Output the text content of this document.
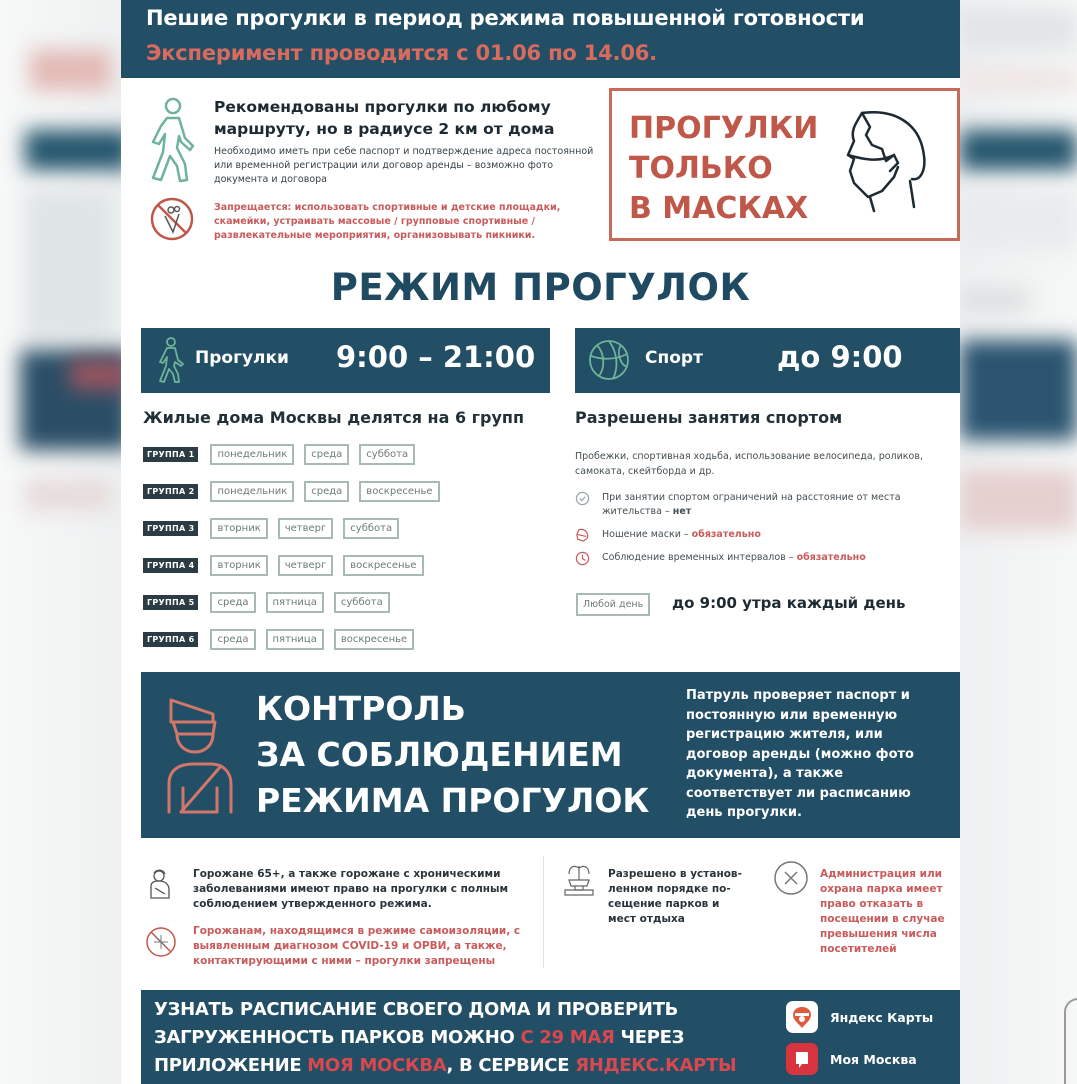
Пешие прогулки в период режима повышенной готовности
Эксперимент проводится с 01.06 по 14.06.
Рекомендованы прогулки по любому маршруту, но в радиусе 2 км от дома
Необходимо иметь при себе паспорт и подтверждение адреса постоянной или временной регистрации или договор аренды – возможно фото документа и договора
Запрещается: использовать спортивные и детские площадки, скамейки, устраивать массовые / групповые спортивные / развлекательные мероприятия, организовывать пикники.
ПРОГУЛКИ
ТОЛЬКО
В МАСКАХ
РЕЖИМ ПРОГУЛОК
Прогулки 9:00 – 21:00	Спорт	до 9:00
Жилые дома Москвы делятся на 6 групп
ГРУППА 1	понедельник	среда	суббота
ГРУППА 2	понедельник	среда	воскресенье
ГРУППА 3	вторник	четверг	суббота
ГРУППА 4	вторник	четверг	воскресенье
ГРУППА 5	среда	пятница	суббота
ГРУППА 6	среда	пятница	воскресенье
Разрешены занятия спортом
Пробежки, спортивная ходьба, использование велосипеда, роликов, самоката, скейтборда и др.
При занятии спортом ограничений на расстояние от места жительства – нет
Ношение маски – обязательно
Соблюдение временных интервалов – обязательно
Любой день	до 9:00 утра каждый день
КОНТРОЛЬ
ЗА СОБЛЮДЕНИЕМ
РЕЖИМА ПРОГУЛОК
Патруль проверяет паспорт и постоянную или временную регистрацию жителя, или договор аренды (можно фото документа), а также соответствует ли расписанию день прогулки.
Горожане 65+, а также горожане с хроническими заболеваниями имеют право на прогулки с полным соблюдением утвержденного режима.
Горожанам, находящимся в режиме самоизоляции, с выявленным диагнозом COVID-19 и ОРВИ, а также, контактирующими с ними – прогулки запрещены
Разрешено в установ-ленном порядке по-сещение парков и мест отдыха
Администрация или охрана парка имеет право отказать в посещении в случае превышения числа посетителей
УЗНАТЬ РАСПИСАНИЕ СВОЕГО ДОМА И ПРОВЕРИТЬ
ЗАГРУЖЕННОСТЬ ПАРКОВ МОЖНО С 29 МАЯ ЧЕРЕЗ
ПРИЛОЖЕНИЕ МОЯ МОСКВА, В СЕРВИСЕ ЯНДЕКС.КАРТЫ
Яндекс Карты
Моя Москва
